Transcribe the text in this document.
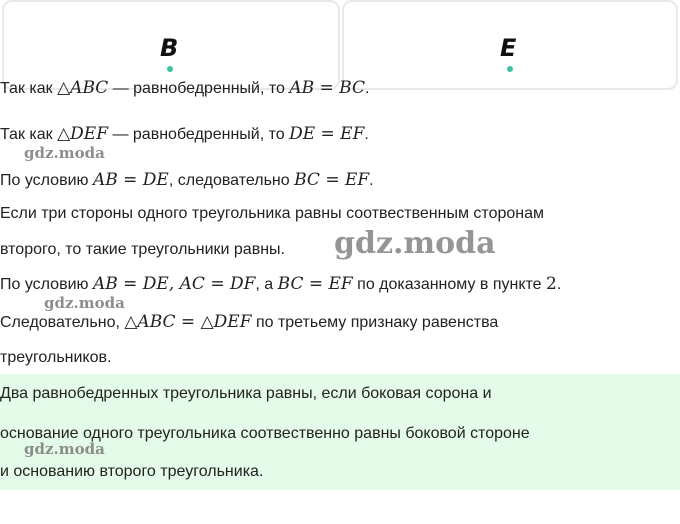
B	E
Так как △ABC — равнобедренный, то AB = BC.
Так как △DEF — равнобедренный, то DE = EF.
По условию AB = DE, следовательно BC = EF.
Если три стороны одного треугольника равны соотвественным сторонам
второго, то такие треугольники равны.
По условию AB = DE, AC = DF, а BC = EF по доказанному в пункте 2.
Следовательно, △ABC = △DEF по третьему признаку равенства
треугольников.
Два равнобедренных треугольника равны, если боковая сорона и
основание одного треугольника соотвественно равны боковой стороне
и основанию второго треугольника.
gdz.moda
gdz.moda
gdz.moda
gdz.moda
